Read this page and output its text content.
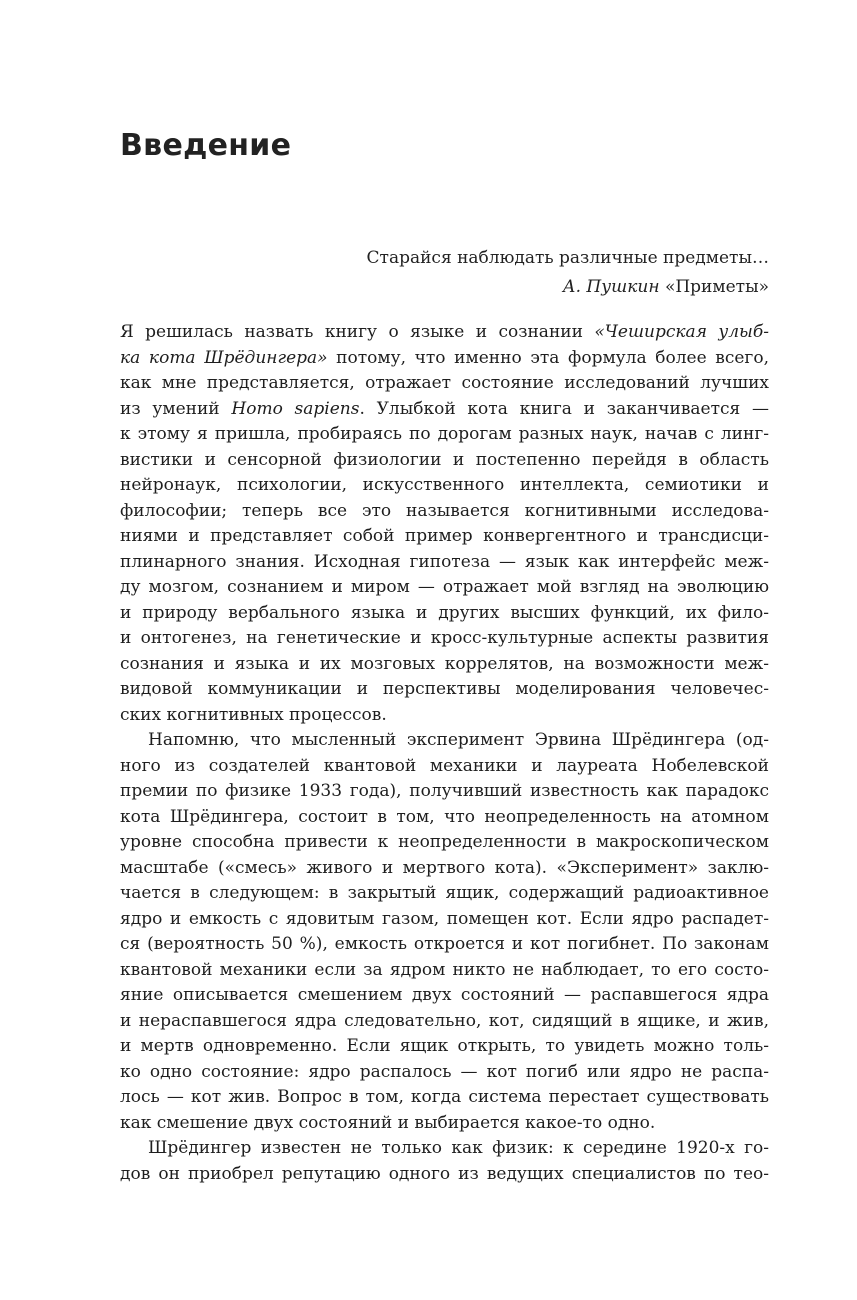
Введение
Старайся наблюдать различные предметы…
А. Пушкин «Приметы»
Я решилась назвать книгу о языке и сознании «Чеширская улыб-
ка кота Шрёдингера» потому, что именно эта формула более всего,
как мне представляется, отражает состояние исследований лучших
из умений Homo sapiens. Улыбкой кота книга и заканчивается —
к этому я пришла, пробираясь по дорогам разных наук, начав с линг-
вистики и сенсорной физиологии и постепенно перейдя в область
нейронаук, психологии, искусственного интеллекта, семиотики и
философии; теперь все это называется когнитивными исследова-
ниями и представляет собой пример конвергентного и трансдисци-
плинарного знания. Исходная гипотеза — язык как интерфейс меж-
ду мозгом, сознанием и миром — отражает мой взгляд на эволюцию
и природу вербального языка и других высших функций, их фило-
и онтогенез, на генетические и кросс-культурные аспекты развития
сознания и языка и их мозговых коррелятов, на возможности меж-
видовой коммуникации и перспективы моделирования человечес-
ских когнитивных процессов.
Напомню, что мысленный эксперимент Эрвина Шрёдингера (од-
ного из создателей квантовой механики и лауреата Нобелевской
премии по физике 1933 года), получивший известность как парадокс
кота Шрёдингера, состоит в том, что неопределенность на атомном
уровне способна привести к неопределенности в макроскопическом
масштабе («смесь» живого и мертвого кота). «Эксперимент» заклю-
чается в следующем: в закрытый ящик, содержащий радиоактивное
ядро и емкость с ядовитым газом, помещен кот. Если ядро распадет-
ся (вероятность 50 %), емкость откроется и кот погибнет. По законам
квантовой механики если за ядром никто не наблюдает, то его состо-
яние описывается смешением двух состояний — распавшегося ядра
и нераспавшегося ядра следовательно, кот, сидящий в ящике, и жив,
и мертв одновременно. Если ящик открыть, то увидеть можно толь-
ко одно состояние: ядро распалось — кот погиб или ядро не распа-
лось — кот жив. Вопрос в том, когда система перестает существовать
как смешение двух состояний и выбирается какое-то одно.
Шрёдингер известен не только как физик: к середине 1920-х го-
дов он приобрел репутацию одного из ведущих специалистов по тео-
